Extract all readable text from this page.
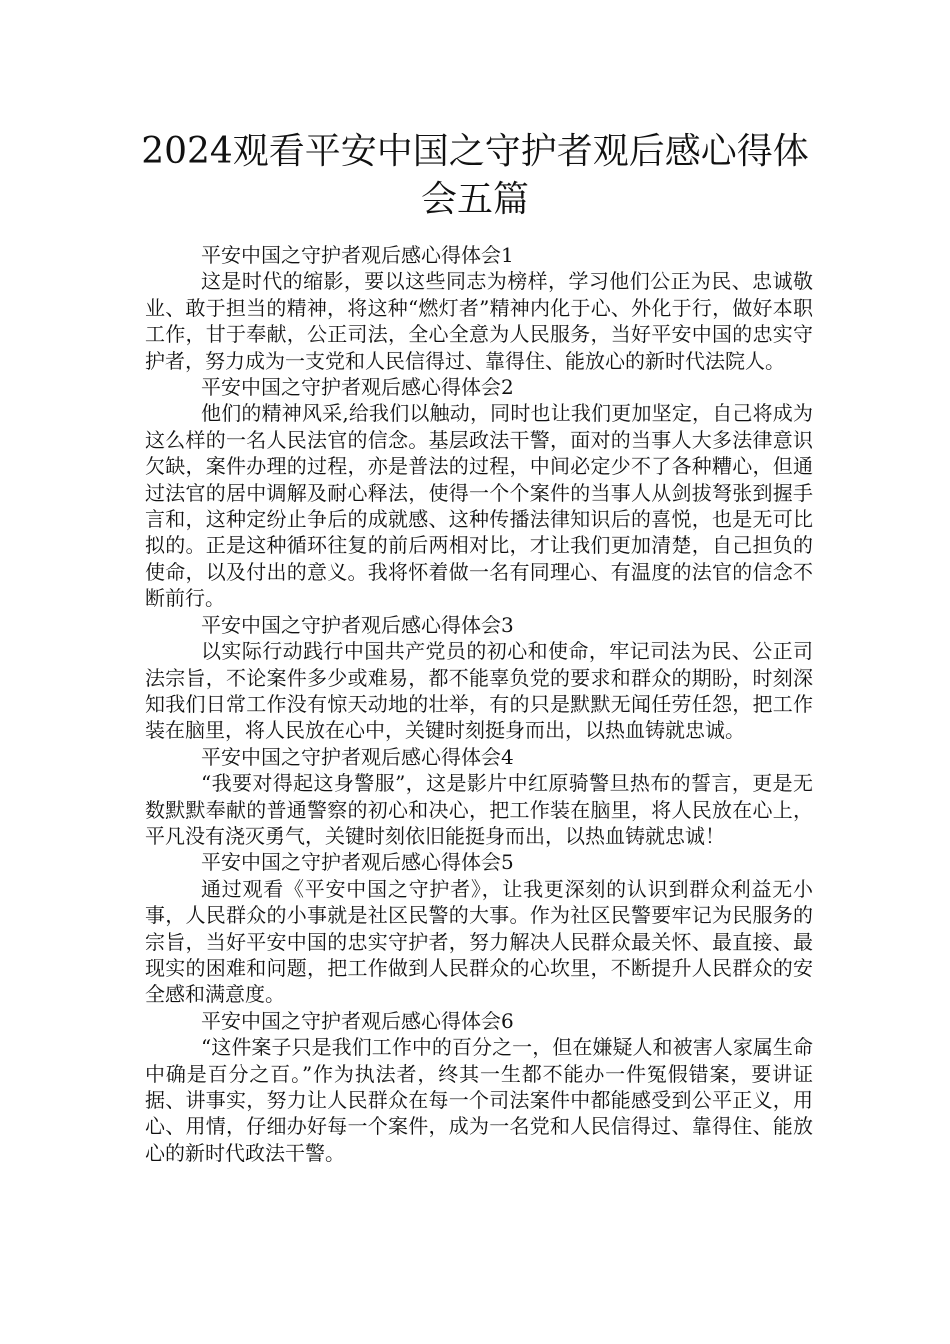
2024观看平安中国之守护者观后感心得体会五篇

平安中国之守护者观后感心得体会1

这是时代的缩影，要以这些同志为榜样，学习他们公正为民、忠诚敬业、敢于担当的精神，将这种“燃灯者”精神内化于心、外化于行，做好本职工作，甘于奉献，公正司法，全心全意为人民服务，当好平安中国的忠实守护者，努力成为一支党和人民信得过、靠得住、能放心的新时代法院人。

平安中国之守护者观后感心得体会2

他们的精神风采,给我们以触动，同时也让我们更加坚定，自己将成为这么样的一名人民法官的信念。基层政法干警，面对的当事人大多法律意识欠缺，案件办理的过程，亦是普法的过程，中间必定少不了各种糟心，但通过法官的居中调解及耐心释法，使得一个个案件的当事人从剑拔弩张到握手言和，这种定纷止争后的成就感、这种传播法律知识后的喜悦，也是无可比拟的。正是这种循环往复的前后两相对比，才让我们更加清楚，自己担负的使命，以及付出的意义。我将怀着做一名有同理心、有温度的法官的信念不断前行。

平安中国之守护者观后感心得体会3

以实际行动践行中国共产党员的初心和使命，牢记司法为民、公正司法宗旨，不论案件多少或难易，都不能辜负党的要求和群众的期盼，时刻深知我们日常工作没有惊天动地的壮举，有的只是默默无闻任劳任怨，把工作装在脑里，将人民放在心中，关键时刻挺身而出，以热血铸就忠诚。

平安中国之守护者观后感心得体会4

“我要对得起这身警服”，这是影片中红原骑警旦热布的誓言，更是无数默默奉献的普通警察的初心和决心，把工作装在脑里，将人民放在心上，平凡没有浇灭勇气，关键时刻依旧能挺身而出，以热血铸就忠诚！

平安中国之守护者观后感心得体会5

通过观看《平安中国之守护者》，让我更深刻的认识到群众利益无小事，人民群众的小事就是社区民警的大事。作为社区民警要牢记为民服务的宗旨，当好平安中国的忠实守护者，努力解决人民群众最关怀、最直接、最现实的困难和问题，把工作做到人民群众的心坎里，不断提升人民群众的安全感和满意度。

平安中国之守护者观后感心得体会6

“这件案子只是我们工作中的百分之一，但在嫌疑人和被害人家属生命中确是百分之百。”作为执法者，终其一生都不能办一件冤假错案，要讲证据、讲事实，努力让人民群众在每一个司法案件中都能感受到公平正义，用心、用情，仔细办好每一个案件，成为一名党和人民信得过、靠得住、能放心的新时代政法干警。
